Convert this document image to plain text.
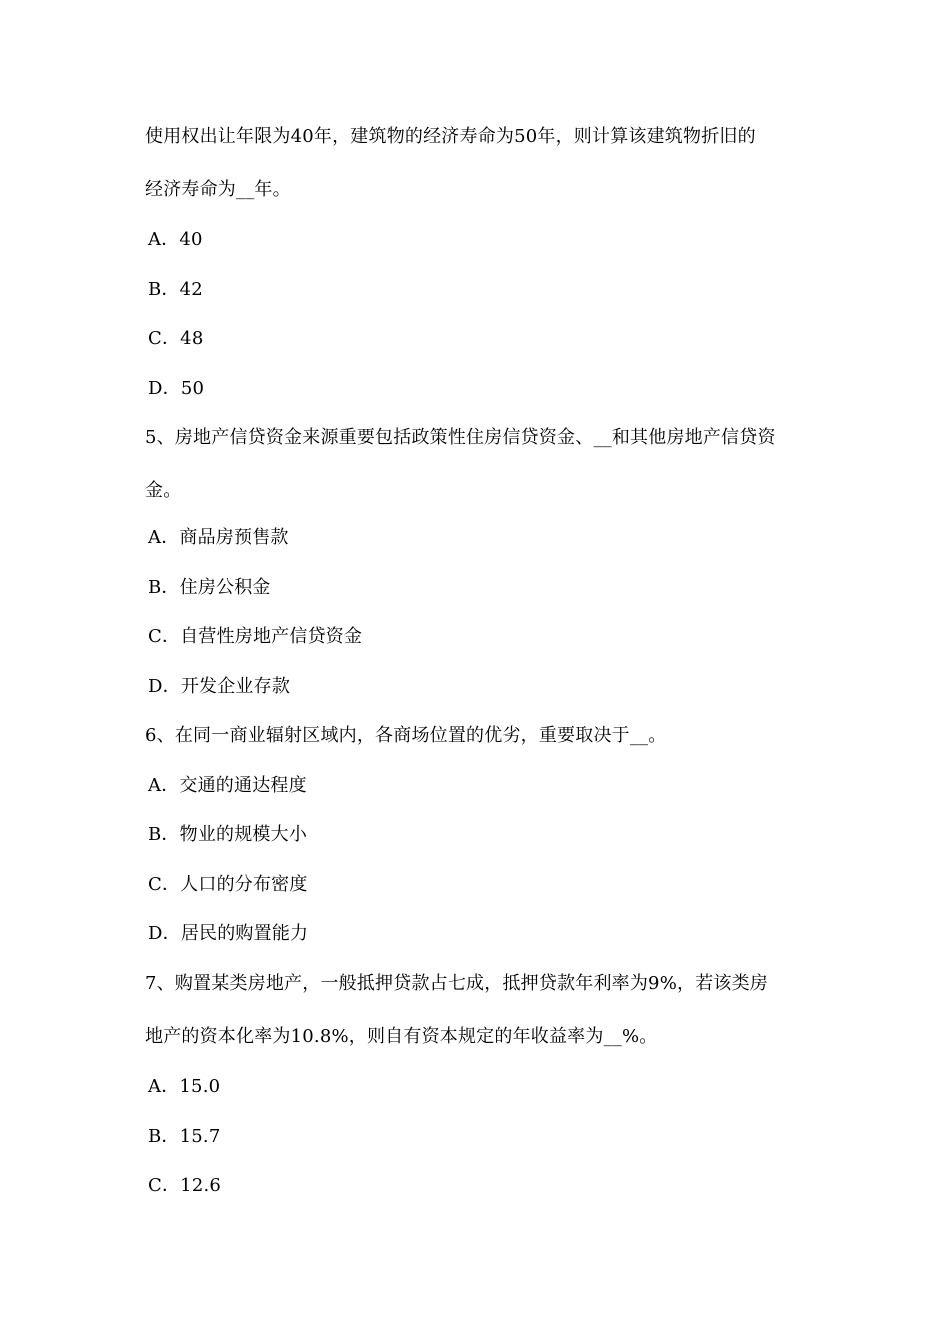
使用权出让年限为40年，建筑物的经济寿命为50年，则计算该建筑物折旧的
经济寿命为__年。
A．40
B．42
C．48
D．50
5、房地产信贷资金来源重要包括政策性住房信贷资金、__和其他房地产信贷资
金。
A．商品房预售款
B．住房公积金
C．自营性房地产信贷资金
D．开发企业存款
6、在同一商业辐射区域内，各商场位置的优劣，重要取决于__。
A．交通的通达程度
B．物业的规模大小
C．人口的分布密度
D．居民的购置能力
7、购置某类房地产，一般抵押贷款占七成，抵押贷款年利率为9%，若该类房
地产的资本化率为10.8%，则自有资本规定的年收益率为__%。
A．15.0
B．15.7
C．12.6
